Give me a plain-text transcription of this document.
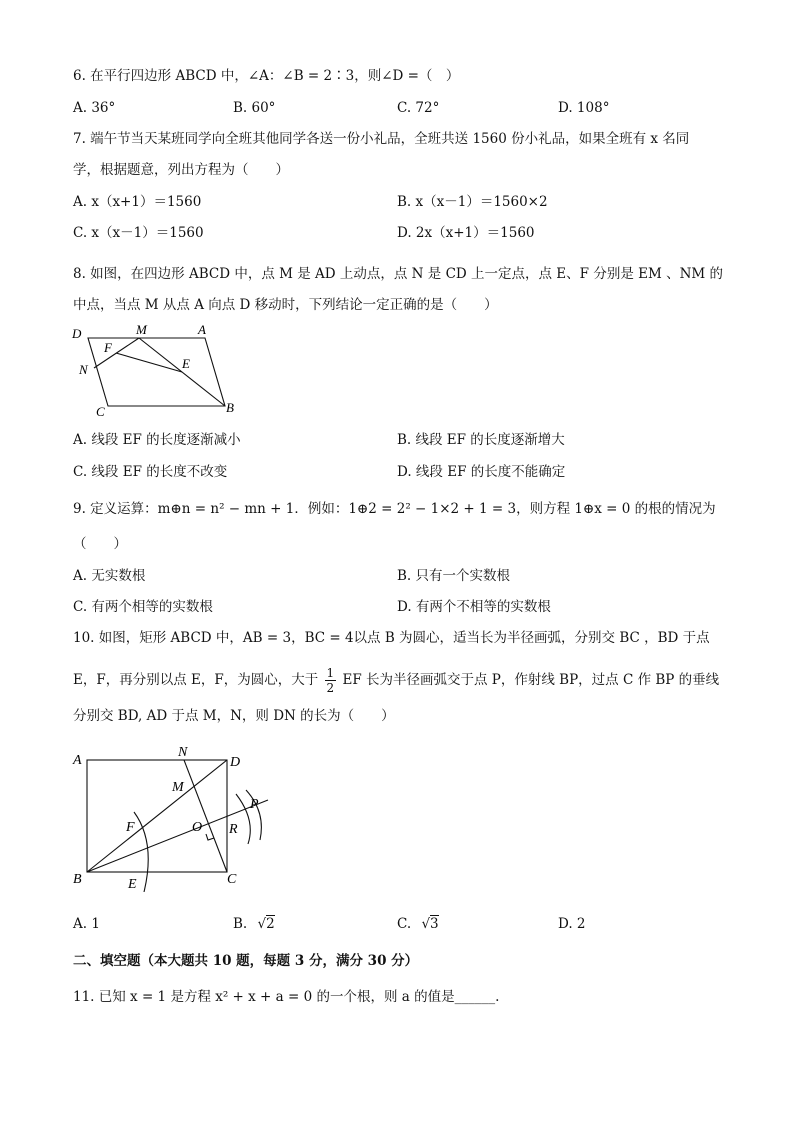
6. 在平行四边形 ABCD 中，∠A：∠B = 2∶3，则∠D =（　）
A. 36°	B. 60°	C. 72°	D. 108°
7. 端午节当天某班同学向全班其他同学各送一份小礼品，全班共送 1560 份小礼品，如果全班有 x 名同
学，根据题意，列出方程为（　　）
A. x（x+1）＝1560	B. x（x－1）＝1560×2
C. x（x－1）＝1560	D. 2x（x+1）＝1560
8. 如图，在四边形 ABCD 中，点 M 是 AD 上动点，点 N 是 CD 上一定点，点 E、F 分别是 EM 、NM 的
中点，当点 M 从点 A 向点 D 移动时，下列结论一定正确的是（　　）
D	M	A
F
N	E
C	B
A. 线段 EF 的长度逐渐减小	B. 线段 EF 的长度逐渐增大
C. 线段 EF 的长度不改变	D. 线段 EF 的长度不能确定
9. 定义运算：m⊕n = n² − mn + 1．例如：1⊕2 = 2² − 1×2 + 1 = 3，则方程 1⊕x = 0 的根的情况为
（　　）
A. 无实数根	B. 只有一个实数根
C. 有两个相等的实数根	D. 有两个不相等的实数根
10. 如图，矩形 ABCD 中，AB = 3，BC = 4以点 B 为圆心，适当长为半径画弧，分别交 BC ，BD 于点
E，F，再分别以点 E，F，为圆心，大于 $\frac{1}{2}$ EF 长为半径画弧交于点 P，作射线 BP，过点 C 作 BP 的垂线
分别交 BD, AD 于点 M，N，则 DN 的长为（　　）
A
N
D
M
P
F	O R
B	E	C
A. 1	B. √2	C. √3	D. 2
二、填空题（本大题共 10 题，每题 3 分，满分 30 分）
11. 已知 x = 1 是方程 x² + x + a = 0 的一个根，则 a 的值是______.
